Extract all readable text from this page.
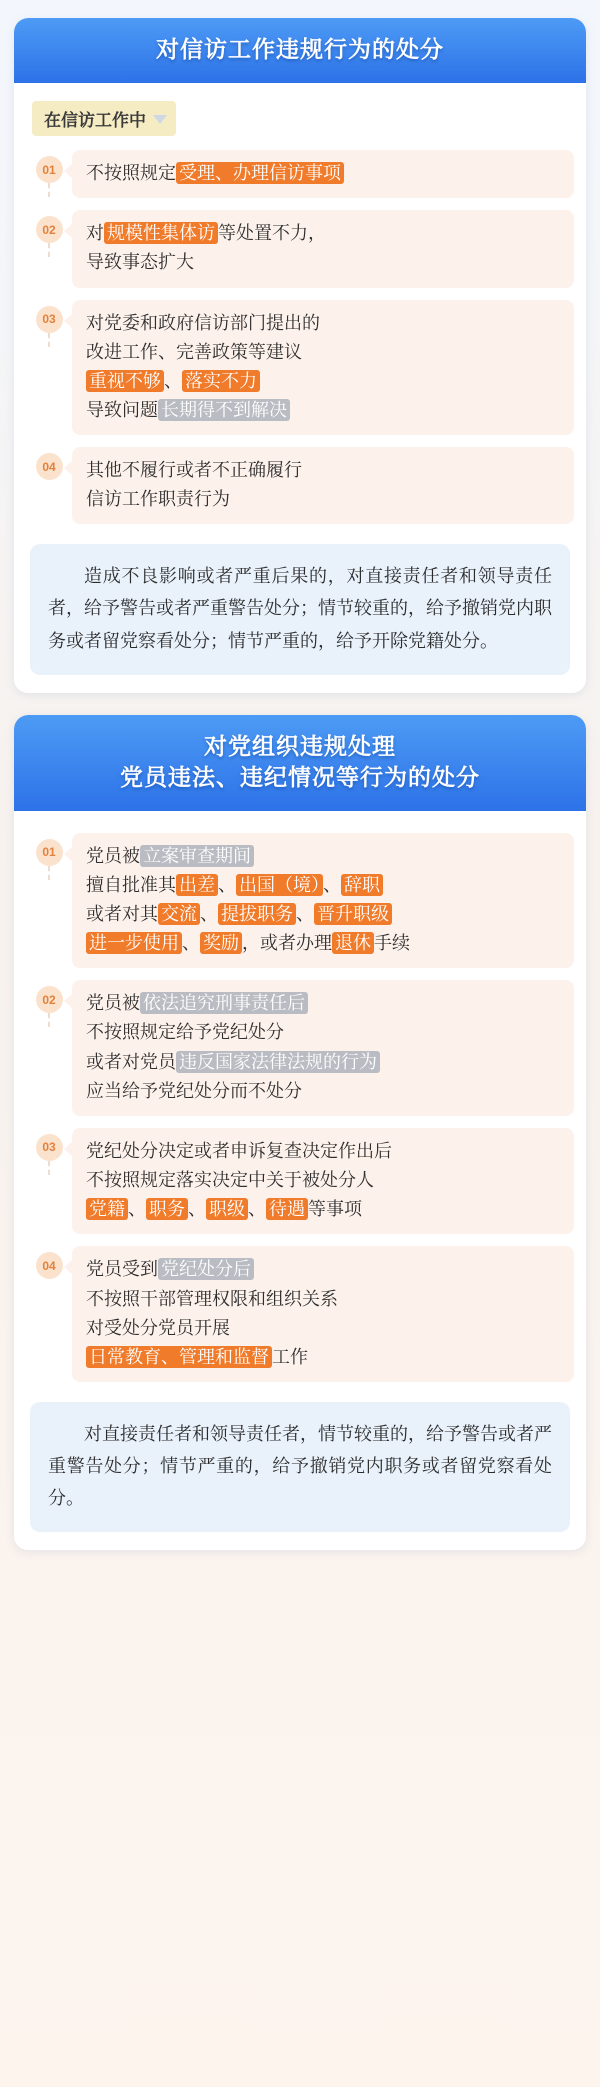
对信访工作违规行为的处分
在信访工作中
01	不按照规定 受理、办理信访事项
02	对 规模性集体访 等处置不力，
导致事态扩大
03	对党委和政府信访部门提出的
改进工作、完善政策等建议
重视不够 、 落实不力
导致问题 长期得不到解决
04	其他不履行或者不正确履行
信访工作职责行为
造成不良影响或者严重后果的，对直接责任者和领导责任者，给予警告或者严重警告处分；情节较重的，给予撤销党内职务或者留党察看处分；情节严重的，给予开除党籍处分。
对党组织违规处理
党员违法、违纪情况等行为的处分
01	党员被 立案审查期间
擅自批准其 出差 、 出国（境） 、 辞职
或者对其 交流 、 提拔职务 、 晋升职级
进一步使用 、 奖励 ，或者办理 退休 手续
02	党员被 依法追究刑事责任后
不按照规定给予党纪处分
或者对党员 违反国家法律法规的行为
应当给予党纪处分而不处分
03	党纪处分决定或者申诉复查决定作出后
不按照规定落实决定中关于被处分人
党籍 、 职务 、 职级 、 待遇 等事项
04	党员受到 党纪处分后
不按照干部管理权限和组织关系
对受处分党员开展
日常教育、管理和监督 工作
对直接责任者和领导责任者，情节较重的，给予警告或者严重警告处分；情节严重的，给予撤销党内职务或者留党察看处分。
